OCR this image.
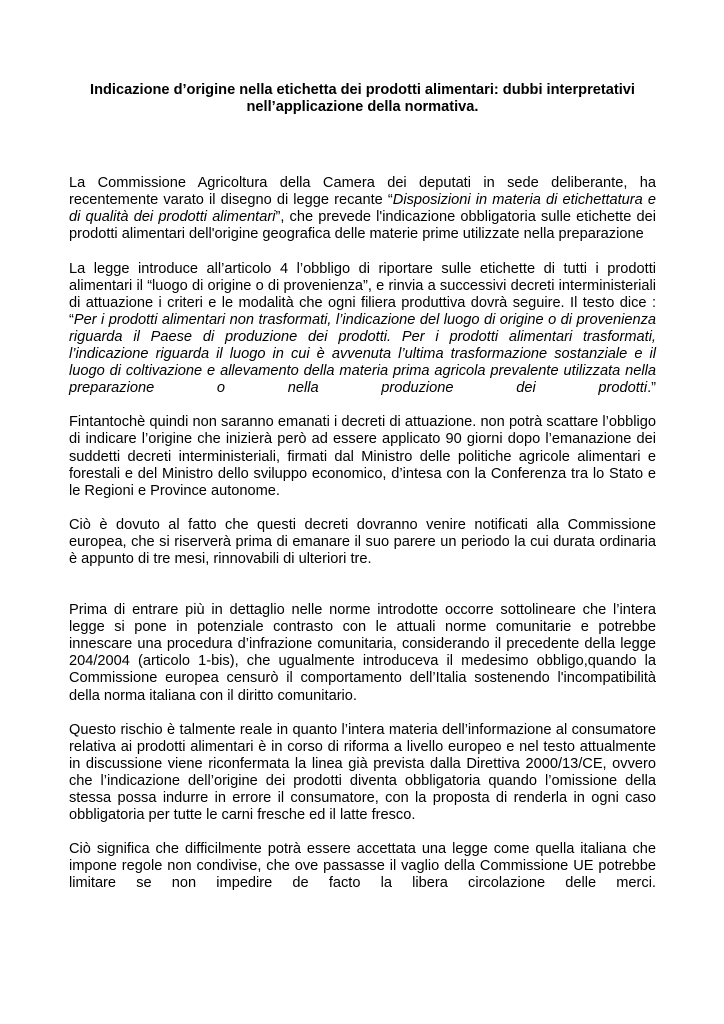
Indicazione d’origine nella etichetta dei prodotti alimentari: dubbi interpretativi
nell’applicazione della normativa.

La Commissione Agricoltura della Camera dei deputati in sede deliberante, ha recentemente varato il disegno di legge recante “Disposizioni in materia di etichettatura e di qualità dei prodotti alimentari”, che prevede l'indicazione obbligatoria sulle etichette dei prodotti alimentari dell'origine geografica delle materie prime utilizzate nella preparazione

La legge introduce all’articolo 4 l’obbligo di riportare sulle etichette di tutti i prodotti alimentari il “luogo di origine o di provenienza”, e rinvia a successivi decreti interministeriali di attuazione i criteri e le modalità che ogni filiera produttiva dovrà seguire. Il testo dice : “Per i prodotti alimentari non trasformati, l’indicazione del luogo di origine o di provenienza riguarda il Paese di produzione dei prodotti. Per i prodotti alimentari trasformati, l’indicazione riguarda il luogo in cui è avvenuta l’ultima trasformazione sostanziale e il luogo di coltivazione e allevamento della materia prima agricola prevalente utilizzata nella preparazione o nella produzione dei prodotti.”

Fintantochè quindi non saranno emanati i decreti di attuazione. non potrà scattare l’obbligo di indicare l’origine che inizierà però ad essere applicato 90 giorni dopo l’emanazione dei suddetti decreti interministeriali, firmati dal Ministro delle politiche agricole alimentari e forestali e del Ministro dello sviluppo economico, d’intesa con la Conferenza tra lo Stato e le Regioni e Province autonome.

Ciò è dovuto al fatto che questi decreti dovranno venire notificati alla Commissione europea, che si riserverà prima di emanare il suo parere un periodo la cui durata ordinaria è appunto di tre mesi, rinnovabili di ulteriori tre.

Prima di entrare più in dettaglio nelle norme introdotte occorre sottolineare che l’intera legge si pone in potenziale contrasto con le attuali norme comunitarie e potrebbe innescare una procedura d’infrazione comunitaria, considerando il precedente della legge 204/2004 (articolo 1-bis), che ugualmente introduceva il medesimo obbligo,quando la Commissione europea censurò il comportamento dell’Italia sostenendo l'incompatibilità della norma italiana con il diritto comunitario.

Questo rischio è talmente reale in quanto l’intera materia dell’informazione al consumatore relativa ai prodotti alimentari è in corso di riforma a livello europeo e nel testo attualmente in discussione viene riconfermata la linea già prevista dalla Direttiva 2000/13/CE, ovvero che l’indicazione dell’origine dei prodotti diventa obbligatoria quando l’omissione della stessa possa indurre in errore il consumatore, con la proposta di renderla in ogni caso obbligatoria per tutte le carni fresche ed il latte fresco.

Ciò significa che difficilmente potrà essere accettata una legge come quella italiana che impone regole non condivise, che ove passasse il vaglio della Commissione UE potrebbe limitare se non impedire de facto la libera circolazione delle merci.
